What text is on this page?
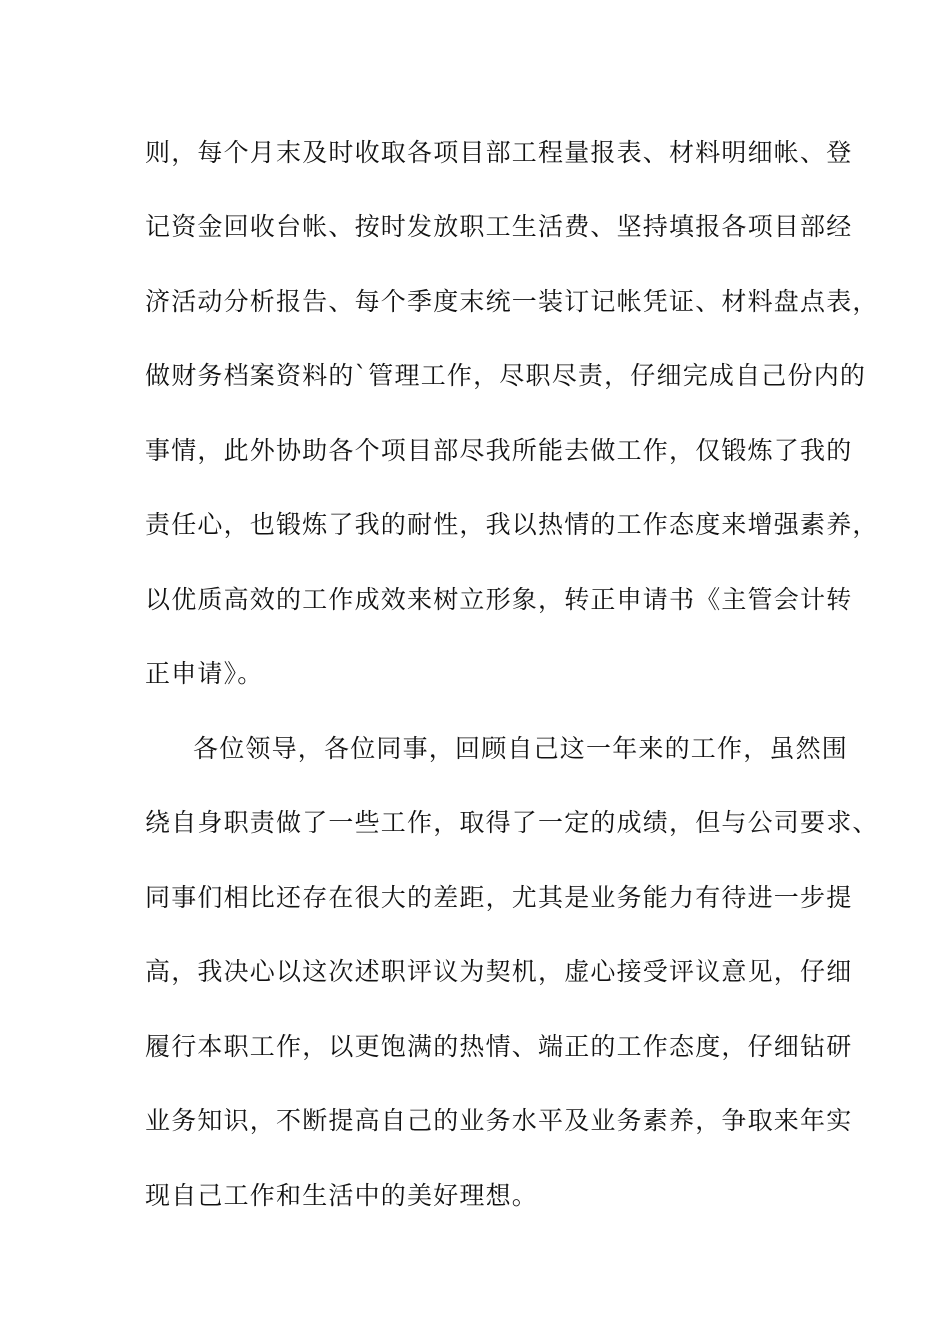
则，每个月末及时收取各项目部工程量报表、材料明细帐、登
记资金回收台帐、按时发放职工生活费、坚持填报各项目部经
济活动分析报告、每个季度末统一装订记帐凭证、材料盘点表，
做财务档案资料的`管理工作，尽职尽责，仔细完成自己份内的
事情，此外协助各个项目部尽我所能去做工作，仅锻炼了我的
责任心，也锻炼了我的耐性，我以热情的工作态度来增强素养，
以优质高效的工作成效来树立形象，转正申请书《主管会计转
正申请》。
各位领导，各位同事，回顾自己这一年来的工作，虽然围
绕自身职责做了一些工作，取得了一定的成绩，但与公司要求、
同事们相比还存在很大的差距，尤其是业务能力有待进一步提
高，我决心以这次述职评议为契机，虚心接受评议意见，仔细
履行本职工作，以更饱满的热情、端正的工作态度，仔细钻研
业务知识，不断提高自己的业务水平及业务素养，争取来年实
现自己工作和生活中的美好理想。
